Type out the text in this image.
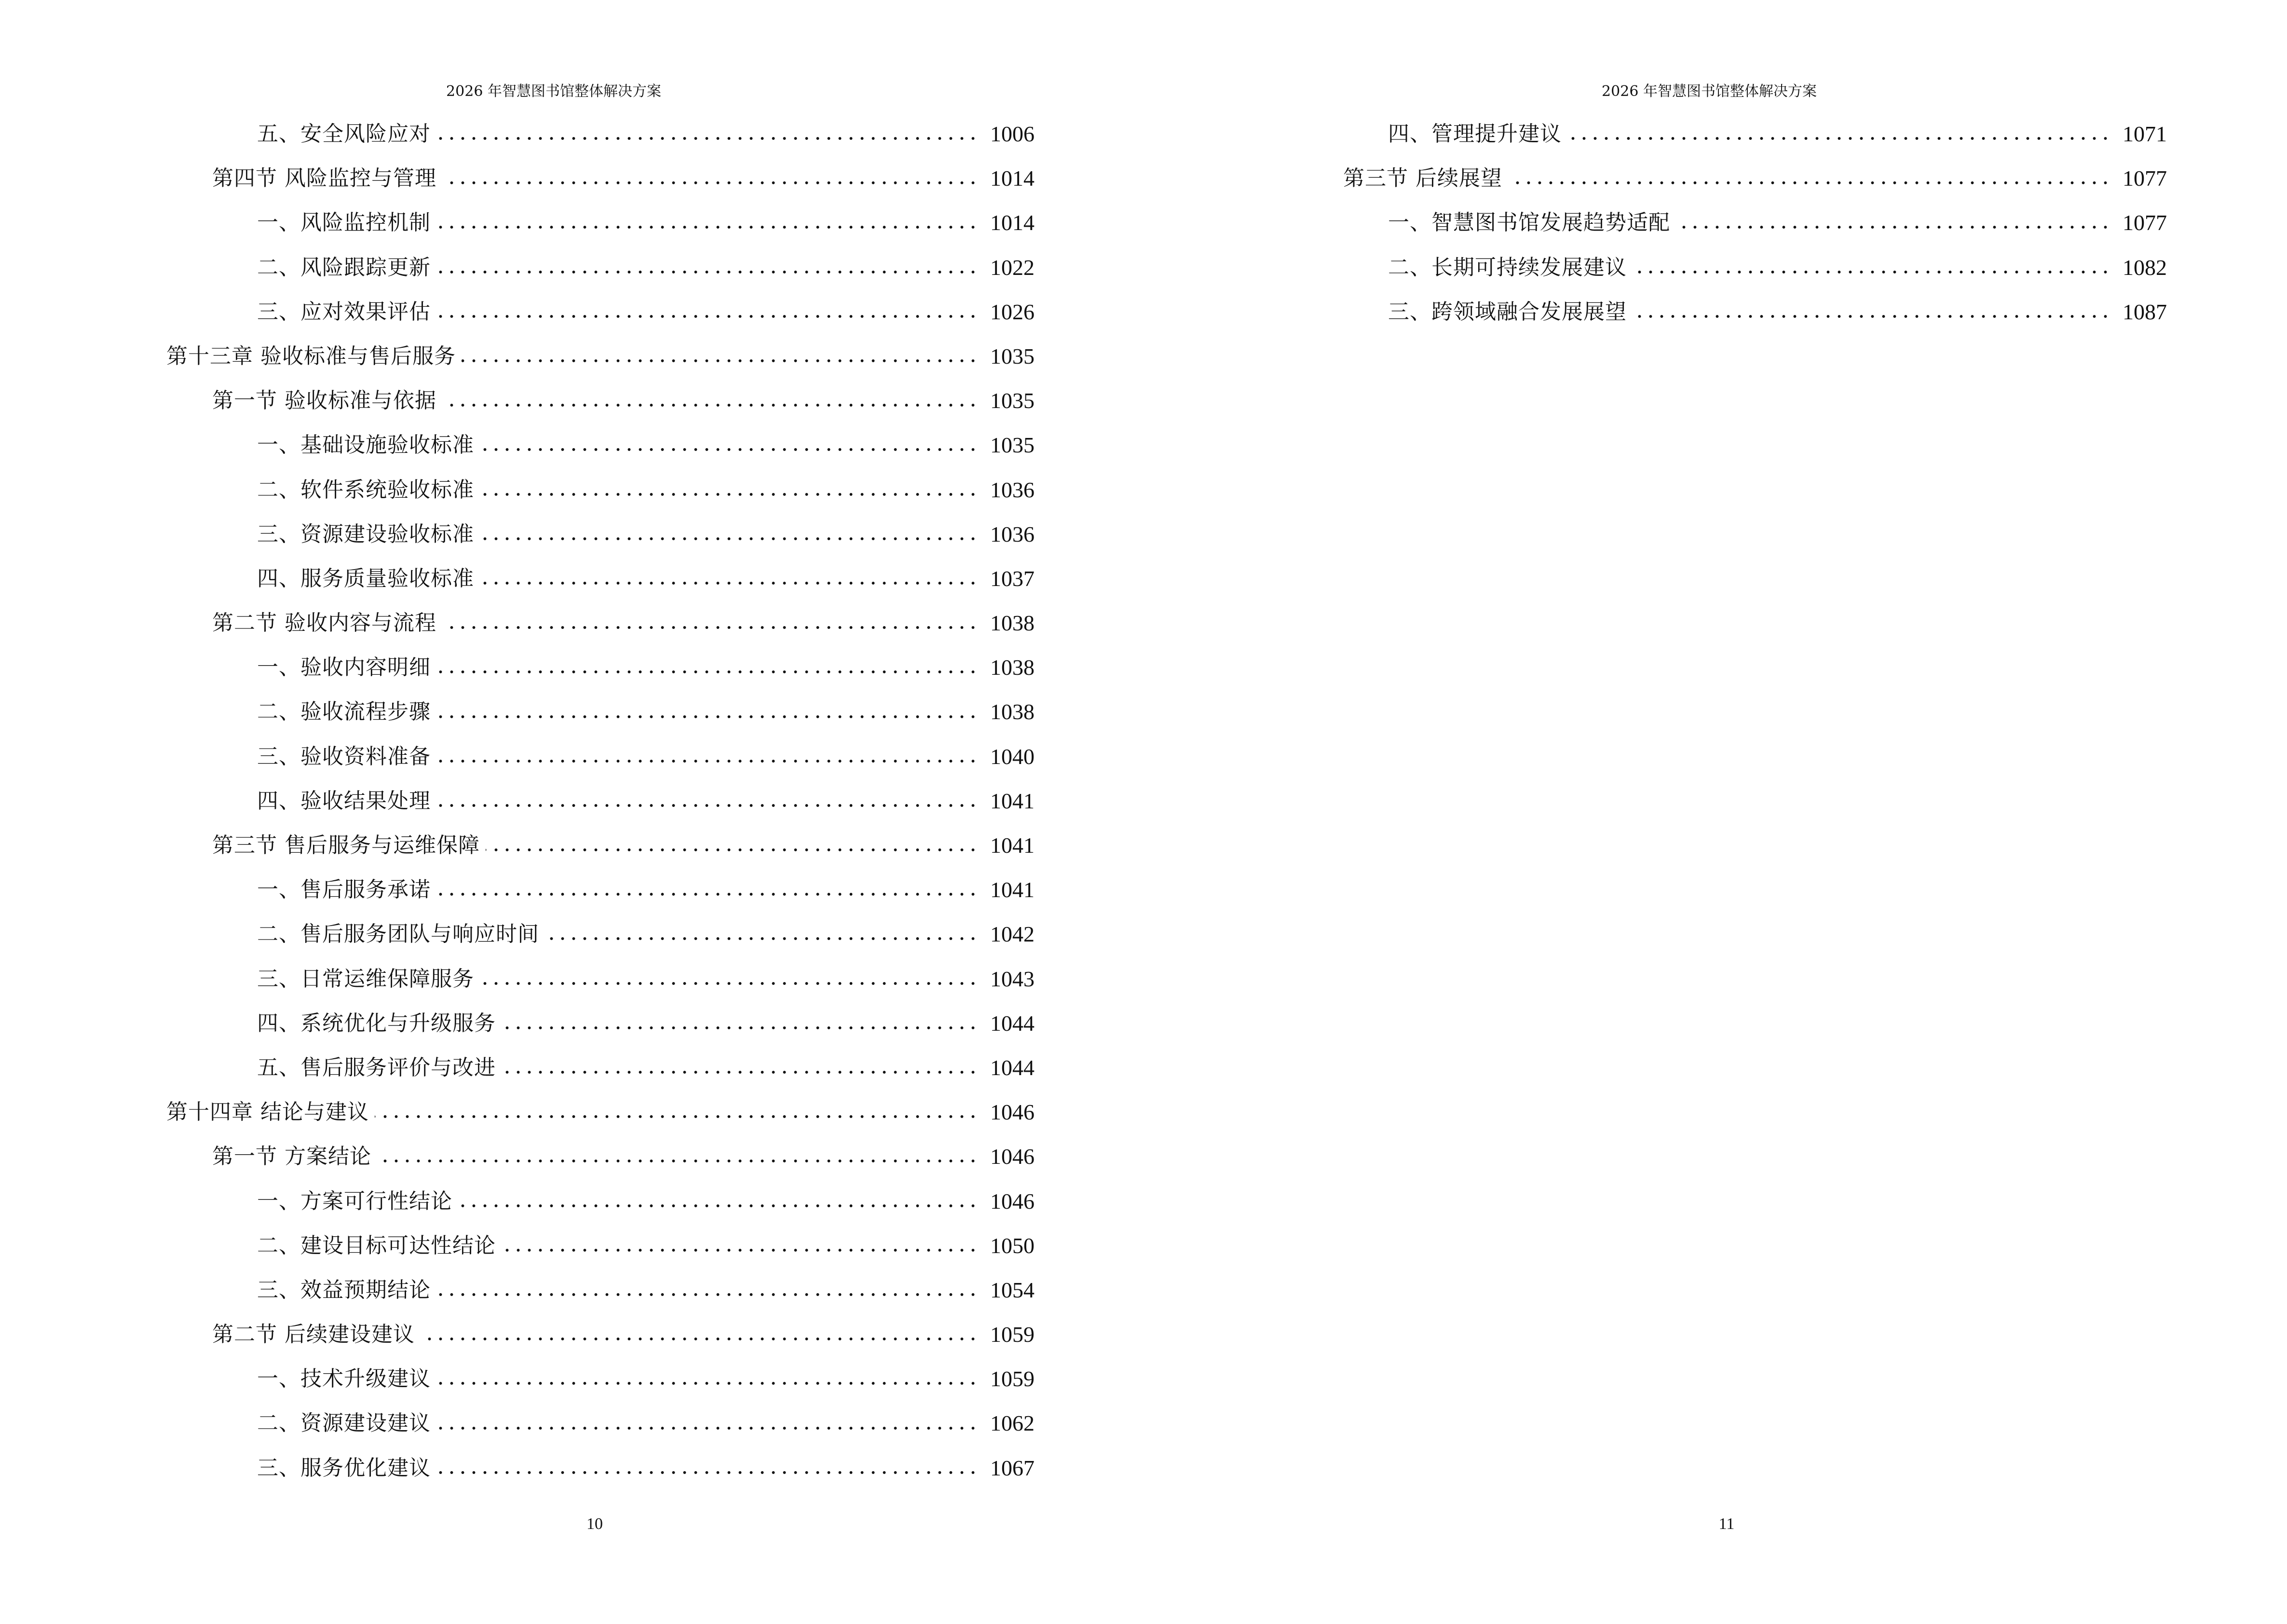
2026 年智慧图书馆整体解决方案
五、安全风险应对	1006
第四节 风险监控与管理	1014
一、风险监控机制	1014
二、风险跟踪更新	1022
三、应对效果评估	1026
第十三章 验收标准与售后服务	1035
第一节 验收标准与依据	1035
一、基础设施验收标准	1035
二、软件系统验收标准	1036
三、资源建设验收标准	1036
四、服务质量验收标准	1037
第二节 验收内容与流程	1038
一、验收内容明细	1038
二、验收流程步骤	1038
三、验收资料准备	1040
四、验收结果处理	1041
第三节 售后服务与运维保障	1041
一、售后服务承诺	1041
二、售后服务团队与响应时间	1042
三、日常运维保障服务	1043
四、系统优化与升级服务	1044
五、售后服务评价与改进	1044
第十四章 结论与建议	1046
第一节 方案结论	1046
一、方案可行性结论	1046
二、建设目标可达性结论	1050
三、效益预期结论	1054
第二节 后续建设建议	1059
一、技术升级建议	1059
二、资源建设建议	1062
三、服务优化建议	1067
10
2026 年智慧图书馆整体解决方案
四、管理提升建议	1071
第三节 后续展望	1077
一、智慧图书馆发展趋势适配	1077
二、长期可持续发展建议	1082
三、跨领域融合发展展望	1087
11
